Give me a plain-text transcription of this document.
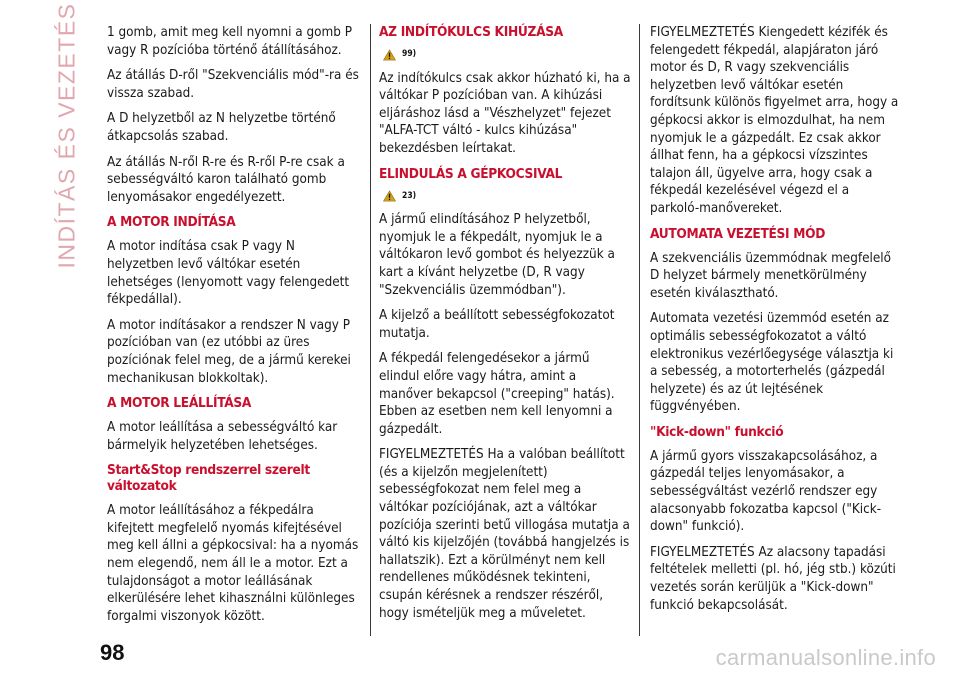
INDÍTÁS ÉS VEZETÉS 1 gomb, amit meg kell nyomni a gomb P vagy R pozícióba történő átállításához.

Az átállás D-ről "Szekvenciális mód"-ra és vissza szabad.

A D helyzetből az N helyzetbe történő átkapcsolás szabad.

Az átállás N-ről R-re és R-ről P-re csak a sebességváltó karon található gomb lenyomásakor engedélyezett.

A MOTOR INDÍTÁSA

A motor indítása csak P vagy N helyzetben levő váltókar esetén lehetséges (lenyomott vagy felengedett fékpedállal).

A motor indításakor a rendszer N vagy P pozícióban van (ez utóbbi az üres pozíciónak felel meg, de a jármű kerekei mechanikusan blokkoltak).

A MOTOR LEÁLLÍTÁSA

A motor leállítása a sebességváltó kar bármelyik helyzetében lehetséges.

Start&Stop rendszerrel szerelt változatok

A motor leállításához a fékpedálra kifejtett megfelelő nyomás kifejtésével meg kell állni a gépkocsival: ha a nyomás nem elegendő, nem áll le a motor. Ezt a tulajdonságot a motor leállásának elkerülésére lehet kihasználni különleges forgalmi viszonyok között.

AZ INDÍTÓKULCS KIHÚZÁSA
99)

Az indítókulcs csak akkor húzható ki, ha a váltókar P pozícióban van. A kihúzási eljáráshoz lásd a "Vészhelyzet" fejezet "ALFA-TCT váltó - kulcs kihúzása" bekezdésben leírtakat.

ELINDULÁS A GÉPKOCSIVAL
23)

A jármű elindításához P helyzetből, nyomjuk le a fékpedált, nyomjuk le a váltókaron levő gombot és helyezzük a kart a kívánt helyzetbe (D, R vagy "Szekvenciális üzemmódban").

A kijelző a beállított sebességfokozatot mutatja.

A fékpedál felengedésekor a jármű elindul előre vagy hátra, amint a manőver bekapcsol ("creeping" hatás). Ebben az esetben nem kell lenyomni a gázpedált.

FIGYELMEZTETÉS Ha a valóban beállított (és a kijelzőn megjelenített) sebességfokozat nem felel meg a váltókar pozíciójának, azt a váltókar pozíciója szerinti betű villogása mutatja a váltó kis kijelzőjén (továbbá hangjelzés is hallatszik). Ezt a körülményt nem kell rendellenes működésnek tekinteni, csupán kérésnek a rendszer részéről, hogy ismételjük meg a műveletet.

FIGYELMEZTETÉS Kiengedett kézifék és felengedett fékpedál, alapjáraton járó motor és D, R vagy szekvenciális helyzetben levő váltókar esetén fordítsunk különös figyelmet arra, hogy a gépkocsi akkor is elmozdulhat, ha nem nyomjuk le a gázpedált. Ez csak akkor állhat fenn, ha a gépkocsi vízszintes talajon áll, ügyelve arra, hogy csak a fékpedál kezelésével végezd el a parkoló-manővereket.

AUTOMATA VEZETÉSI MÓD

A szekvenciális üzemmódnak megfelelő D helyzet bármely menetkörülmény esetén kiválasztható.

Automata vezetési üzemmód esetén az optimális sebességfokozatot a váltó elektronikus vezérlőegysége választja ki a sebesség, a motorterhelés (gázpedál helyzete) és az út lejtésének függvényében.

"Kick-down" funkció

A jármű gyors visszakapcsolásához, a gázpedál teljes lenyomásakor, a sebességváltást vezérlő rendszer egy alacsonyabb fokozatba kapcsol ("Kick-down" funkció).

FIGYELMEZTETÉS Az alacsony tapadási feltételek melletti (pl. hó, jég stb.) közúti vezetés során kerüljük a "Kick-down" funkció bekapcsolását.

98	carmanualsonline.info
